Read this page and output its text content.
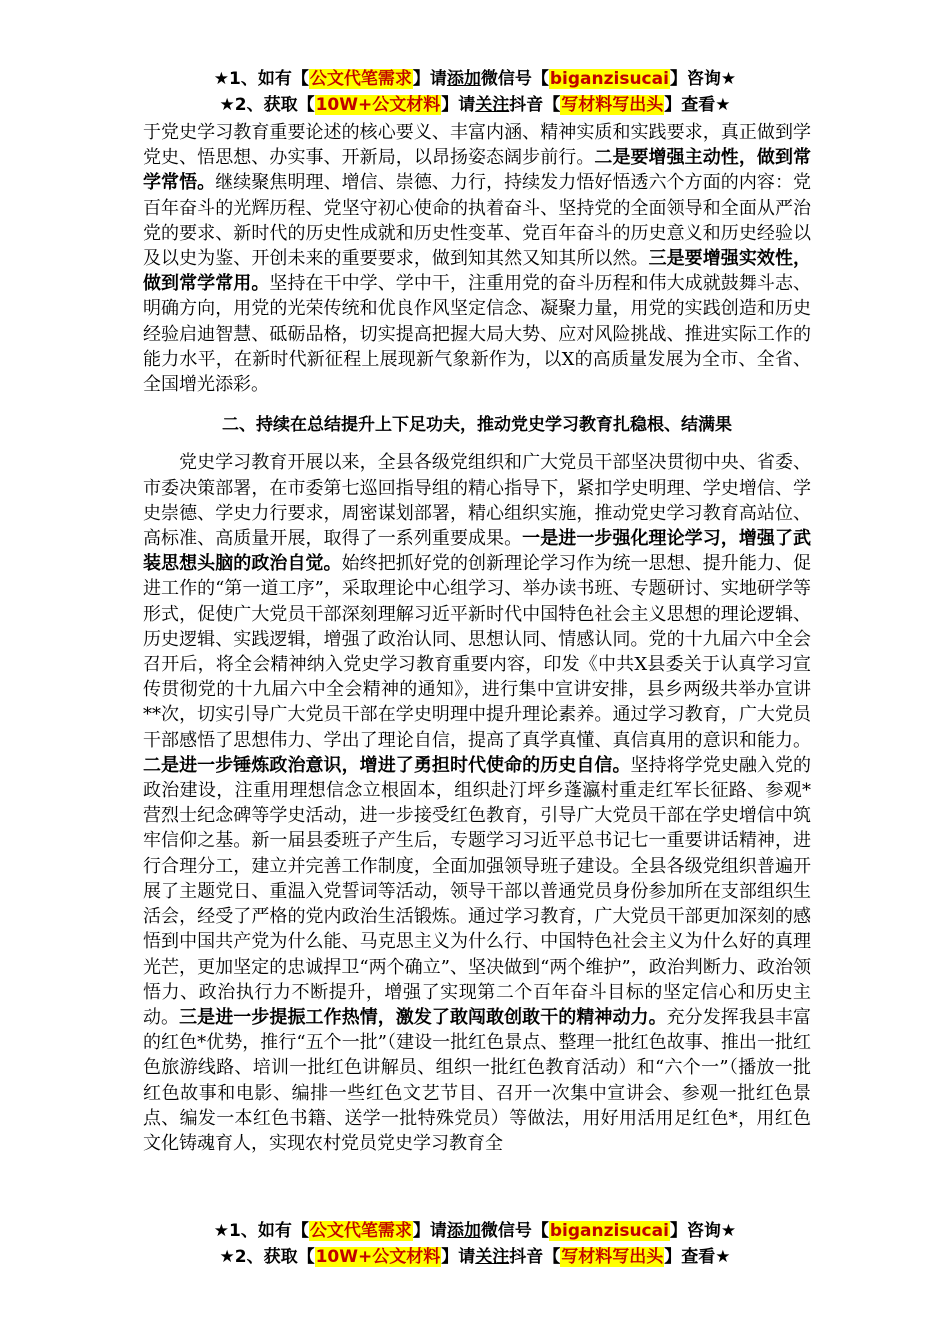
★1、如有【公文代笔需求】请添加微信号【biganzisucai】咨询★
★2、获取【10W+公文材料】请关注抖音【写材料写出头】查看★

于党史学习教育重要论述的核心要义、丰富内涵、精神实质和实践要求，真正做到学党史、悟思想、办实事、开新局，以昂扬姿态阔步前行。二是要增强主动性，做到常学常悟。继续聚焦明理、增信、崇德、力行，持续发力悟好悟透六个方面的内容：党百年奋斗的光辉历程、党坚守初心使命的执着奋斗、坚持党的全面领导和全面从严治党的要求、新时代的历史性成就和历史性变革、党百年奋斗的历史意义和历史经验以及以史为鉴、开创未来的重要要求，做到知其然又知其所以然。三是要增强实效性，做到常学常用。坚持在干中学、学中干，注重用党的奋斗历程和伟大成就鼓舞斗志、明确方向，用党的光荣传统和优良作风坚定信念、凝聚力量，用党的实践创造和历史经验启迪智慧、砥砺品格，切实提高把握大局大势、应对风险挑战、推进实际工作的能力水平，在新时代新征程上展现新气象新作为，以X的高质量发展为全市、全省、全国增光添彩。

二、持续在总结提升上下足功夫，推动党史学习教育扎稳根、结满果

党史学习教育开展以来，全县各级党组织和广大党员干部坚决贯彻中央、省委、市委决策部署，在市委第七巡回指导组的精心指导下，紧扣学史明理、学史增信、学史崇德、学史力行要求，周密谋划部署，精心组织实施，推动党史学习教育高站位、高标准、高质量开展，取得了一系列重要成果。一是进一步强化理论学习，增强了武装思想头脑的政治自觉。始终把抓好党的创新理论学习作为统一思想、提升能力、促进工作的“第一道工序”，采取理论中心组学习、举办读书班、专题研讨、实地研学等形式，促使广大党员干部深刻理解习近平新时代中国特色社会主义思想的理论逻辑、历史逻辑、实践逻辑，增强了政治认同、思想认同、情感认同。党的十九届六中全会召开后，将全会精神纳入党史学习教育重要内容，印发《中共X县委关于认真学习宣传贯彻党的十九届六中全会精神的通知》，进行集中宣讲安排，县乡两级共举办宣讲**次，切实引导广大党员干部在学史明理中提升理论素养。通过学习教育，广大党员干部感悟了思想伟力、学出了理论自信，提高了真学真懂、真信真用的意识和能力。二是进一步锤炼政治意识，增进了勇担时代使命的历史自信。坚持将学党史融入党的政治建设，注重用理想信念立根固本，组织赴汀坪乡蓬瀛村重走红军长征路、参观*营烈士纪念碑等学史活动，进一步接受红色教育，引导广大党员干部在学史增信中筑牢信仰之基。新一届县委班子产生后，专题学习习近平总书记七一重要讲话精神，进行合理分工，建立并完善工作制度，全面加强领导班子建设。全县各级党组织普遍开展了主题党日、重温入党誓词等活动，领导干部以普通党员身份参加所在支部组织生活会，经受了严格的党内政治生活锻炼。通过学习教育，广大党员干部更加深刻的感悟到中国共产党为什么能、马克思主义为什么行、中国特色社会主义为什么好的真理光芒，更加坚定的忠诚捍卫“两个确立”、坚决做到“两个维护”，政治判断力、政治领悟力、政治执行力不断提升，增强了实现第二个百年奋斗目标的坚定信心和历史主动。三是进一步提振工作热情，激发了敢闯敢创敢干的精神动力。充分发挥我县丰富的红色*优势，推行“五个一批”（建设一批红色景点、整理一批红色故事、推出一批红色旅游线路、培训一批红色讲解员、组织一批红色教育活动）和“六个一”（播放一批红色故事和电影、编排一些红色文艺节目、召开一次集中宣讲会、参观一批红色景点、编发一本红色书籍、送学一批特殊党员）等做法，用好用活用足红色*，用红色文化铸魂育人，实现农村党员党史学习教育全

★1、如有【公文代笔需求】请添加微信号【biganzisucai】咨询★
★2、获取【10W+公文材料】请关注抖音【写材料写出头】查看★
